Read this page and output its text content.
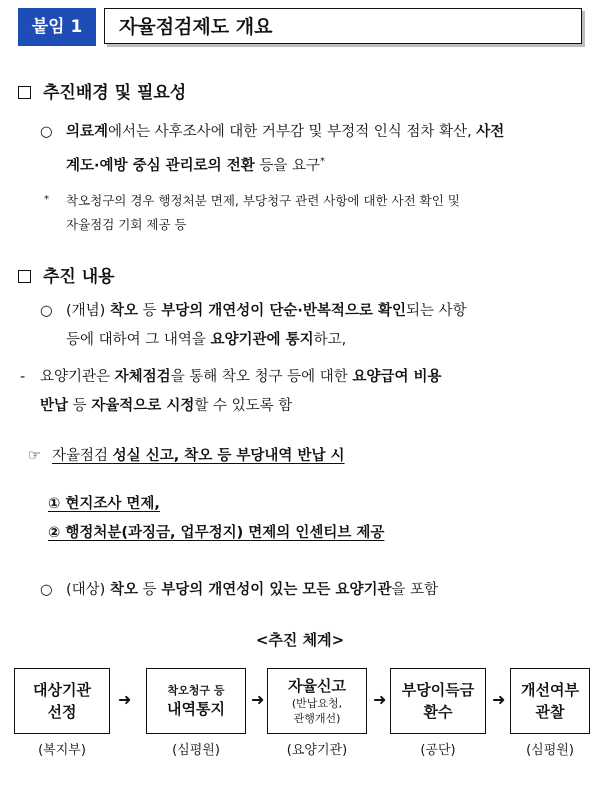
붙임 1	자율점검제도 개요
추진배경 및 필요성
○ 의료계에서는 사후조사에 대한 거부감 및 부정적 인식 점차 확산, 사전
계도·예방 중심 관리로의 전환 등을 요구*
* 착오청구의 경우 행정처분 면제, 부당청구 관련 사항에 대한 사전 확인 및
자율점검 기회 제공 등
추진 내용
○ (개념) 착오 등 부당의 개연성이 단순·반복적으로 확인되는 사항
등에 대하여 그 내역을 요양기관에 통지하고,
- 요양기관은 자체점검을 통해 착오 청구 등에 대한 요양급여 비용
반납 등 자율적으로 시정할 수 있도록 함
☞ 자율점검 성실 신고, 착오 등 부당내역 반납 시
① 현지조사 면제,
② 행정처분(과징금, 업무정지) 면제의 인센티브 제공
○ (대상) 착오 등 부당의 개연성이 있는 모든 요양기관을 포함
<추진 체계>
대상기관
선정
(복지부)
➜	착오청구 등
내역통지
(심평원)
➜
자율신고
(반납요청,
관행개선)
(요양기관)
➜ 부당이득금
환수
(공단)
➜ 개선여부
관찰
(심평원)
